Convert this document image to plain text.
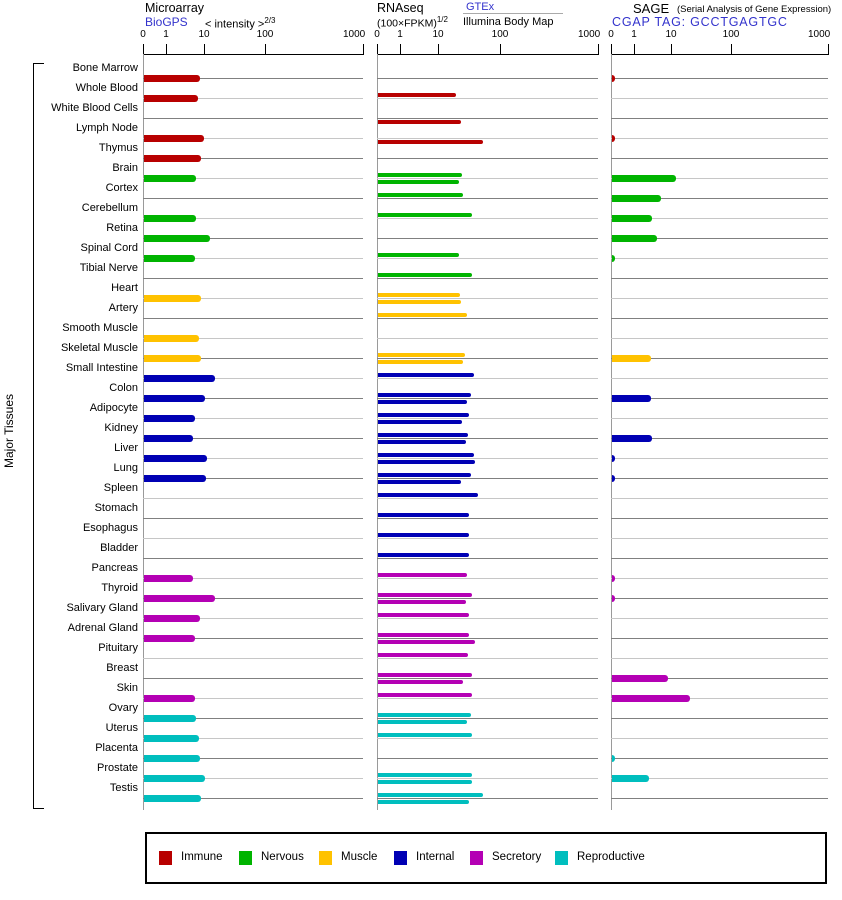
Major Tissues
Bone Marrow
Whole Blood
White Blood Cells
Lymph Node
Thymus
Brain
Cortex
Cerebellum
Retina
Spinal Cord
Tibial Nerve
Heart
Artery
Smooth Muscle
Skeletal Muscle
Small Intestine
Colon
Adipocyte
Kidney
Liver
Lung
Spleen
Stomach
Esophagus
Bladder
Pancreas
Thyroid
Salivary Gland
Adrenal Gland
Pituitary
Breast
Skin
Ovary
Uterus
Placenta
Prostate
Testis
Microarray
BioGPS < intensity >$^{2/3}$
RNAseq
(100×FPKM)$^{1/2}$
GTEx
Illumina Body Map
SAGE (Serial Analysis of Gene Expression)
CGAP TAG: GCCTGAGTGC
0 1	10	100	1000 0 1	10	100	1000 0 1	10	100	1000
Immune	Nervous	Muscle	Internal	Secretory	Reproductive
